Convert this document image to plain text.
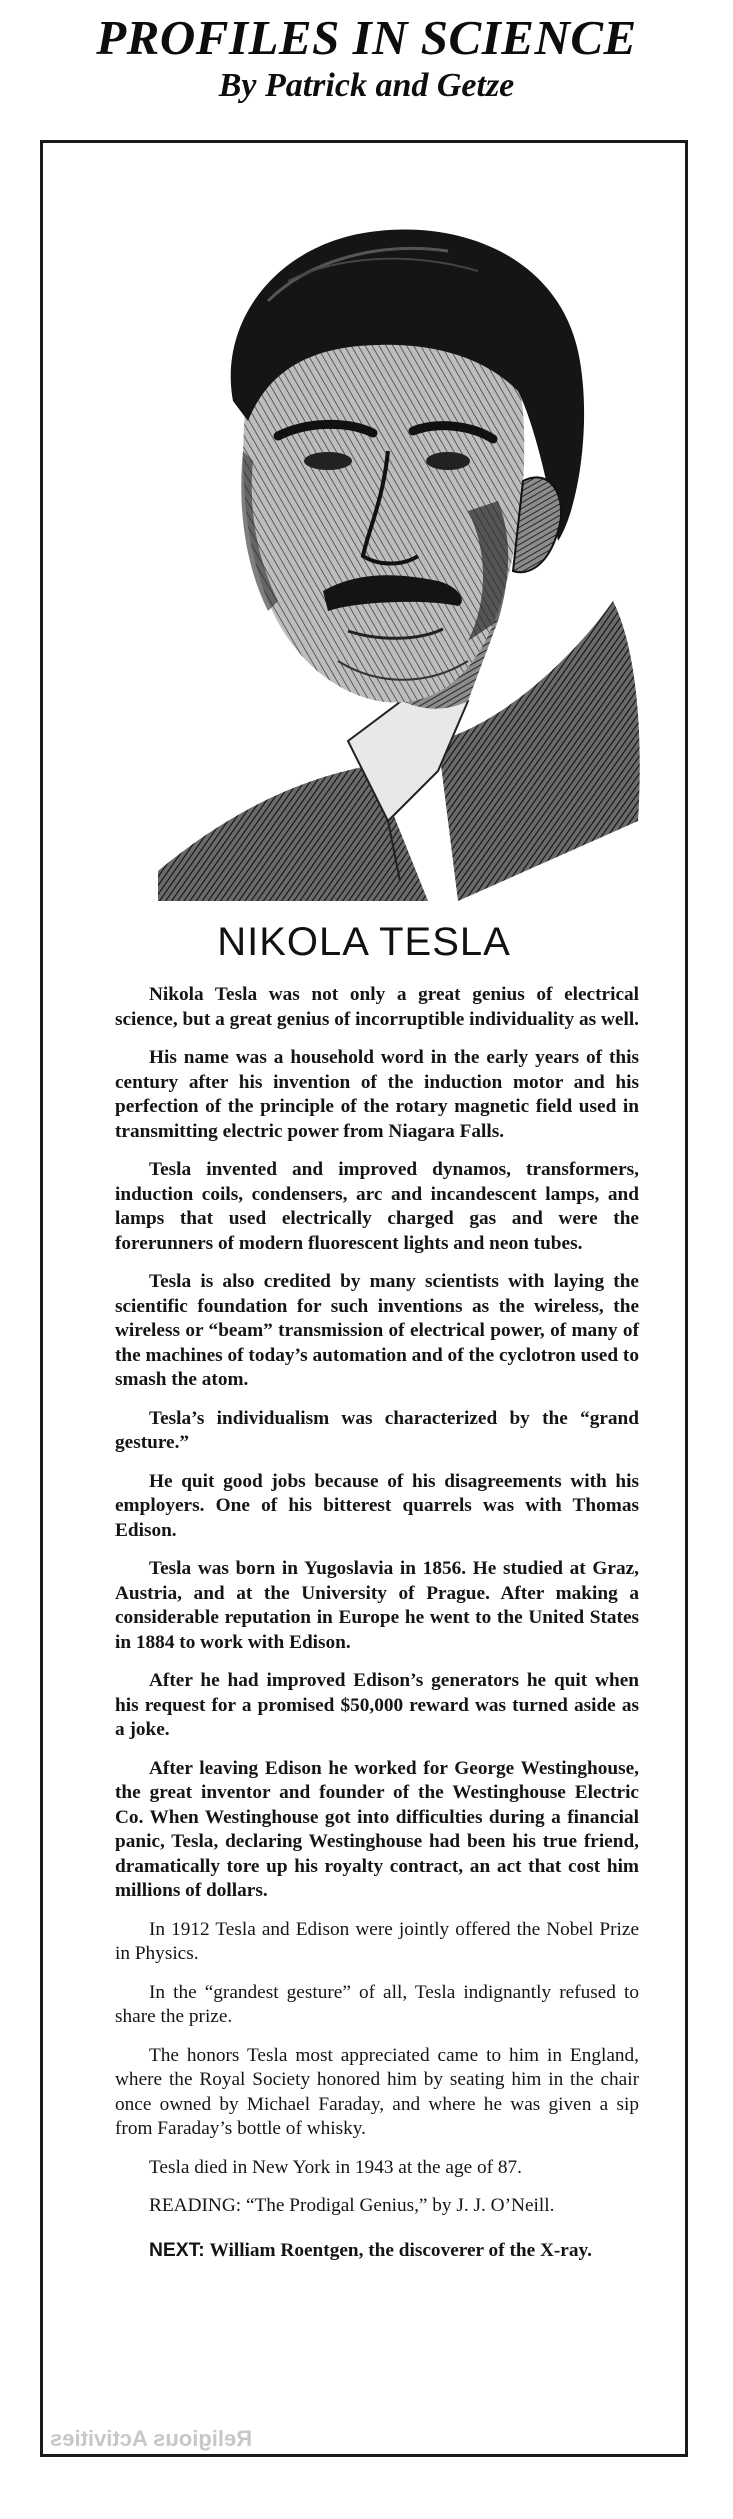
PROFILES IN SCIENCE

By Patrick and Getze

NIKOLA TESLA

Nikola Tesla was not only a great genius of electrical science, but a great genius of incorruptible individuality as well.

His name was a household word in the early years of this century after his invention of the induction motor and his perfection of the principle of the rotary magnetic field used in transmitting electric power from Niagara Falls.

Tesla invented and improved dynamos, transformers, induction coils, condensers, arc and incandescent lamps, and lamps that used electrically charged gas and were the forerunners of modern fluorescent lights and neon tubes.

Tesla is also credited by many scientists with laying the scientific foundation for such inventions as the wireless, the wireless or “beam” transmission of electrical power, of many of the machines of today’s automation and of the cyclotron used to smash the atom.

Tesla’s individualism was characterized by the “grand gesture.”

He quit good jobs because of his disagreements with his employers. One of his bitterest quarrels was with Thomas Edison.

Tesla was born in Yugoslavia in 1856. He studied at Graz, Austria, and at the University of Prague. After making a considerable reputation in Europe he went to the United States in 1884 to work with Edison.

After he had improved Edison’s generators he quit when his request for a promised $50,000 reward was turned aside as a joke.

After leaving Edison he worked for George Westinghouse, the great inventor and founder of the Westinghouse Electric Co. When Westinghouse got into difficulties during a financial panic, Tesla, declaring Westinghouse had been his true friend, dramatically tore up his royalty contract, an act that cost him millions of dollars.

In 1912 Tesla and Edison were jointly offered the Nobel Prize in Physics.

In the “grandest gesture” of all, Tesla indignantly refused to share the prize.

The honors Tesla most appreciated came to him in England, where the Royal Society honored him by seating him in the chair once owned by Michael Faraday, and where he was given a sip from Faraday’s bottle of whisky.

Tesla died in New York in 1943 at the age of 87.

READING: “The Prodigal Genius,” by J. J. O’Neill.

NEXT: William Roentgen, the discoverer of the X-ray.

Religious Activities
